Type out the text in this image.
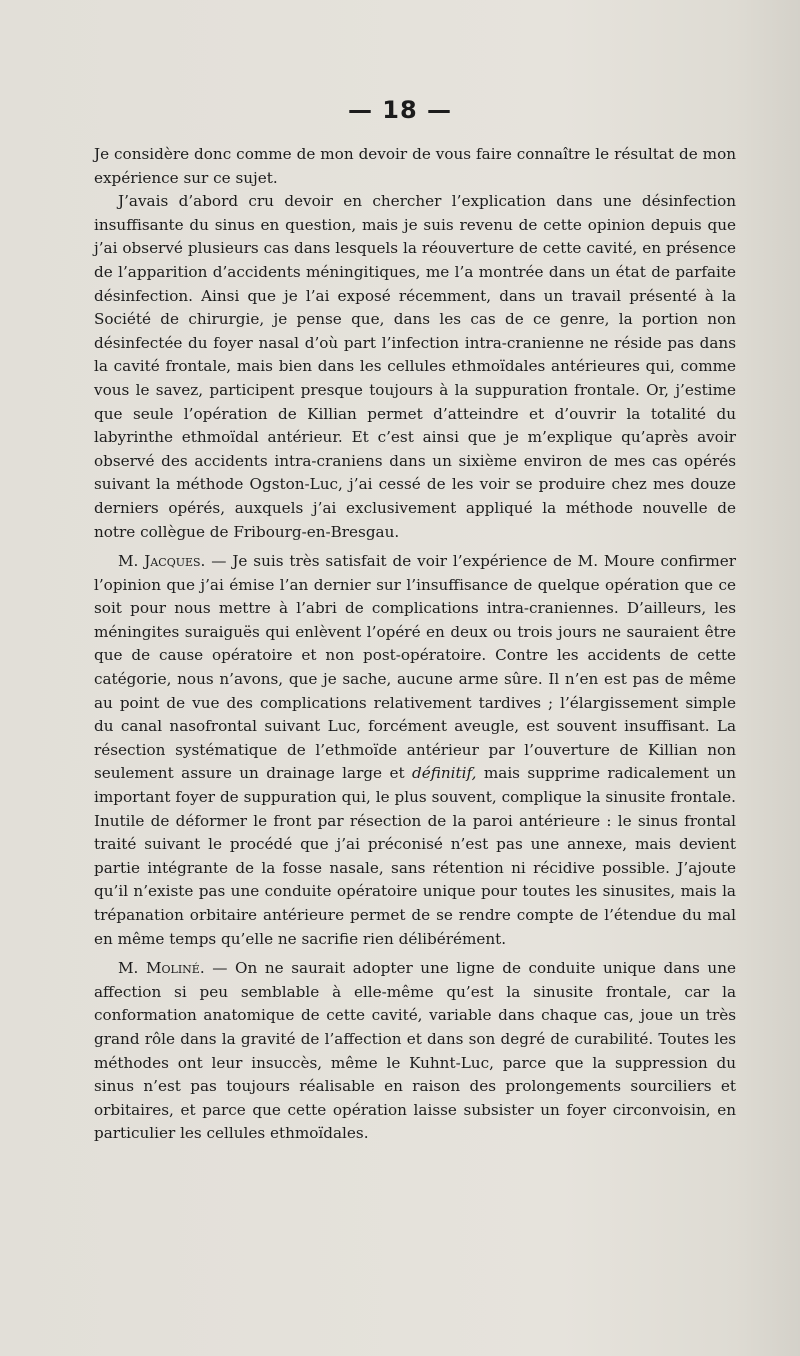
— 18 —

Je considère donc comme de mon devoir de vous faire connaître le résultat de mon expérience sur ce sujet.

J’avais d’abord cru devoir en chercher l’explication dans une désinfection insuffisante du sinus en question, mais je suis revenu de cette opinion depuis que j’ai observé plusieurs cas dans lesquels la réouverture de cette cavité, en présence de l’apparition d’accidents méningitiques, me l’a montrée dans un état de parfaite désinfection. Ainsi que je l’ai exposé récemment, dans un travail présenté à la Société de chirurgie, je pense que, dans les cas de ce genre, la portion non désinfectée du foyer nasal d’où part l’infection intra-cranienne ne réside pas dans la cavité frontale, mais bien dans les cellules ethmoïdales antérieures qui, comme vous le savez, participent presque toujours à la suppuration frontale. Or, j’estime que seule l’opération de Killian permet d’atteindre et d’ouvrir la totalité du labyrinthe ethmoïdal antérieur. Et c’est ainsi que je m’explique qu’après avoir observé des accidents intra-craniens dans un sixième environ de mes cas opérés suivant la méthode Ogston-Luc, j’ai cessé de les voir se produire chez mes douze derniers opérés, auxquels j’ai exclusivement appliqué la méthode nouvelle de notre collègue de Fribourg-en-Bresgau.

M. Jacques. — Je suis très satisfait de voir l’expérience de M. Moure confirmer l’opinion que j’ai émise l’an dernier sur l’insuffisance de quelque opération que ce soit pour nous mettre à l’abri de complications intra-craniennes. D’ailleurs, les méningites suraiguës qui enlèvent l’opéré en deux ou trois jours ne sauraient être que de cause opératoire et non post-opératoire. Contre les accidents de cette catégorie, nous n’avons, que je sache, aucune arme sûre. Il n’en est pas de même au point de vue des complications relativement tardives ; l’élargissement simple du canal nasofrontal suivant Luc, forcément aveugle, est souvent insuffisant. La résection systématique de l’ethmoïde antérieur par l’ouverture de Killian non seulement assure un drainage large et définitif, mais supprime radicalement un important foyer de suppuration qui, le plus souvent, complique la sinusite frontale. Inutile de déformer le front par résection de la paroi antérieure : le sinus frontal traité suivant le procédé que j’ai préconisé n’est pas une annexe, mais devient partie intégrante de la fosse nasale, sans rétention ni récidive possible. J’ajoute qu’il n’existe pas une conduite opératoire unique pour toutes les sinusites, mais la trépanation orbitaire antérieure permet de se rendre compte de l’étendue du mal en même temps qu’elle ne sacrifie rien délibérément.

M. Moliné. — On ne saurait adopter une ligne de conduite unique dans une affection si peu semblable à elle-même qu’est la sinusite frontale, car la conformation anatomique de cette cavité, variable dans chaque cas, joue un très grand rôle dans la gravité de l’affection et dans son degré de curabilité. Toutes les méthodes ont leur insuccès, même le Kuhnt-Luc, parce que la suppression du sinus n’est pas toujours réalisable en raison des prolongements sourciliers et orbitaires, et parce que cette opération laisse subsister un foyer circonvoisin, en particulier les cellules ethmoïdales.
